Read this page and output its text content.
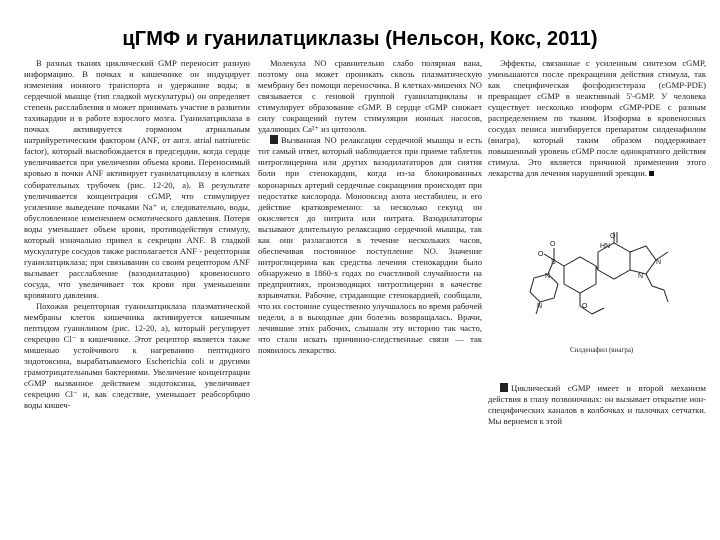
цГМФ и гуанилатциклазы (Нельсон, Кокс, 2011)

В разных тканях циклический GMP переносит разную информацию. В почках и кишечнике он индуцирует изменения ионного транспорта и удержание воды; в сердечной мышце (тип гладкой мускулатуры) он определяет степень расслабления и может принимать участие в развитии тахикардии и в работе взрослого мозга. Гуанилатциклаза в почках активируется гормоном атриальным натрийуретическим фактором (ANF, от англ. atrial natriuretic factor), который высвобождается в предсердии, когда сердце увеличивается при увеличении объема крови. Переносимый кровью в почки ANF активирует гуанилатциклазу в клетках собирательных трубочек (рис. 12-20, а). В результате увеличивается концентрация cGMP, что стимулирует усиленное выведение почками Na⁺ и, следовательно, воды, обусловленное изменением осмотического давления. Потеря воды уменьшает объем крови, противодействуя стимулу, который изначально привел к секреции ANF. В гладкой мускулатуре сосудов также располагается ANF - рецепторная гуанилатциклаза; при связывании со своим рецептором ANF вызывает расслабление (вазодилатацию) кровеносного сосуда, что увеличивает ток крови при уменьшении кровяного давления.

Похожая рецепторная гуанилатциклаза плазматической мембраны клеток кишечника активируется кишечным пептидом гуанилином (рис. 12-20, а), который регулирует секрецию Cl⁻ в кишечнике. Этот рецептор является также мишенью устойчивого к нагреванию пептидного эндотоксина, вырабатываемого Escherichia coli и другими грамотрицательными бактериями. Увеличение концентрации cGMP вызванное действием эндотоксина, увеличивает секрецию Cl⁻ и, как следствие, уменьшает реабсорбцию воды кишеч-

Молекула NO сравнительно слабо полярная вана, поэтому она может проникать сквозь плазматическую мембрану без помощи переносчика. В клетках-мишенях NO связывается с геновой группой гуанилатциклазы и стимулирует образование cGMP. В сердце cGMP снижает силу сокращений путем стимуляции ионных насосов, удаляющих Ca²⁺ из цитозоля.

Вызванная NO релаксация сердечной мышцы и есть тот самый ответ, который наблюдается при приеме таблеток нитроглицерина или других вазодилататоров для снятия боли при стенокардии, когда из-за блокированных коронарных артерий сердечные сокращения происходят при недостатке кислорода. Монооксид азота нестабилен, и его действие кратковременно: за несколько секунд он окисляется до нитрита или нитрата. Вазодилататоры вызывают длительную релаксацию сердечной мышцы, так как они разлагаются в течение нескольких часов, обеспечивая постоянное поступление NO. Значение нитроглицерина как средства лечения стенокардии было обнаружено в 1860-х годах по счастливой случайности на предприятиях, производящих нитроглицерин в качестве взрывчатки. Рабочие, страдающие стенокардией, сообщали, что их состояние существенно улучшалось во время рабочей недели, а в выходные дни болезнь возвращалась. Врачи, лечившие этих рабочих, слышали эту историю так часто, что стали искать причинно-следственные связи — так появилось лекарство.

Эффекты, связанные с усиленным синтезом cGMP, уменьшаются после прекращения действия стимула, так как специфическая фосфодиэстераза (cGMP-PDE) превращает cGMP в неактивный 5'-GMP. У человека существует несколько изоформ cGMP-PDE с разным распределением по тканям. Изоформа в кровеносных сосудах пениса ингибируется препаратом силденафилом (виагра), который таким образом поддерживает повышенный уровень cGMP после однократного действия стимула. Это является причиной применения этого лекарства для лечения нарушений эрекции.

HN
O
N
N
O
O
S
N
N	O
Силденафил (виагра)

Циклический cGMP имеет и второй механизм действия в глазу позвоночных: он вызывает открытие ион-специфических каналов в колбочках и палочках сетчатки. Мы вернемся к этой
